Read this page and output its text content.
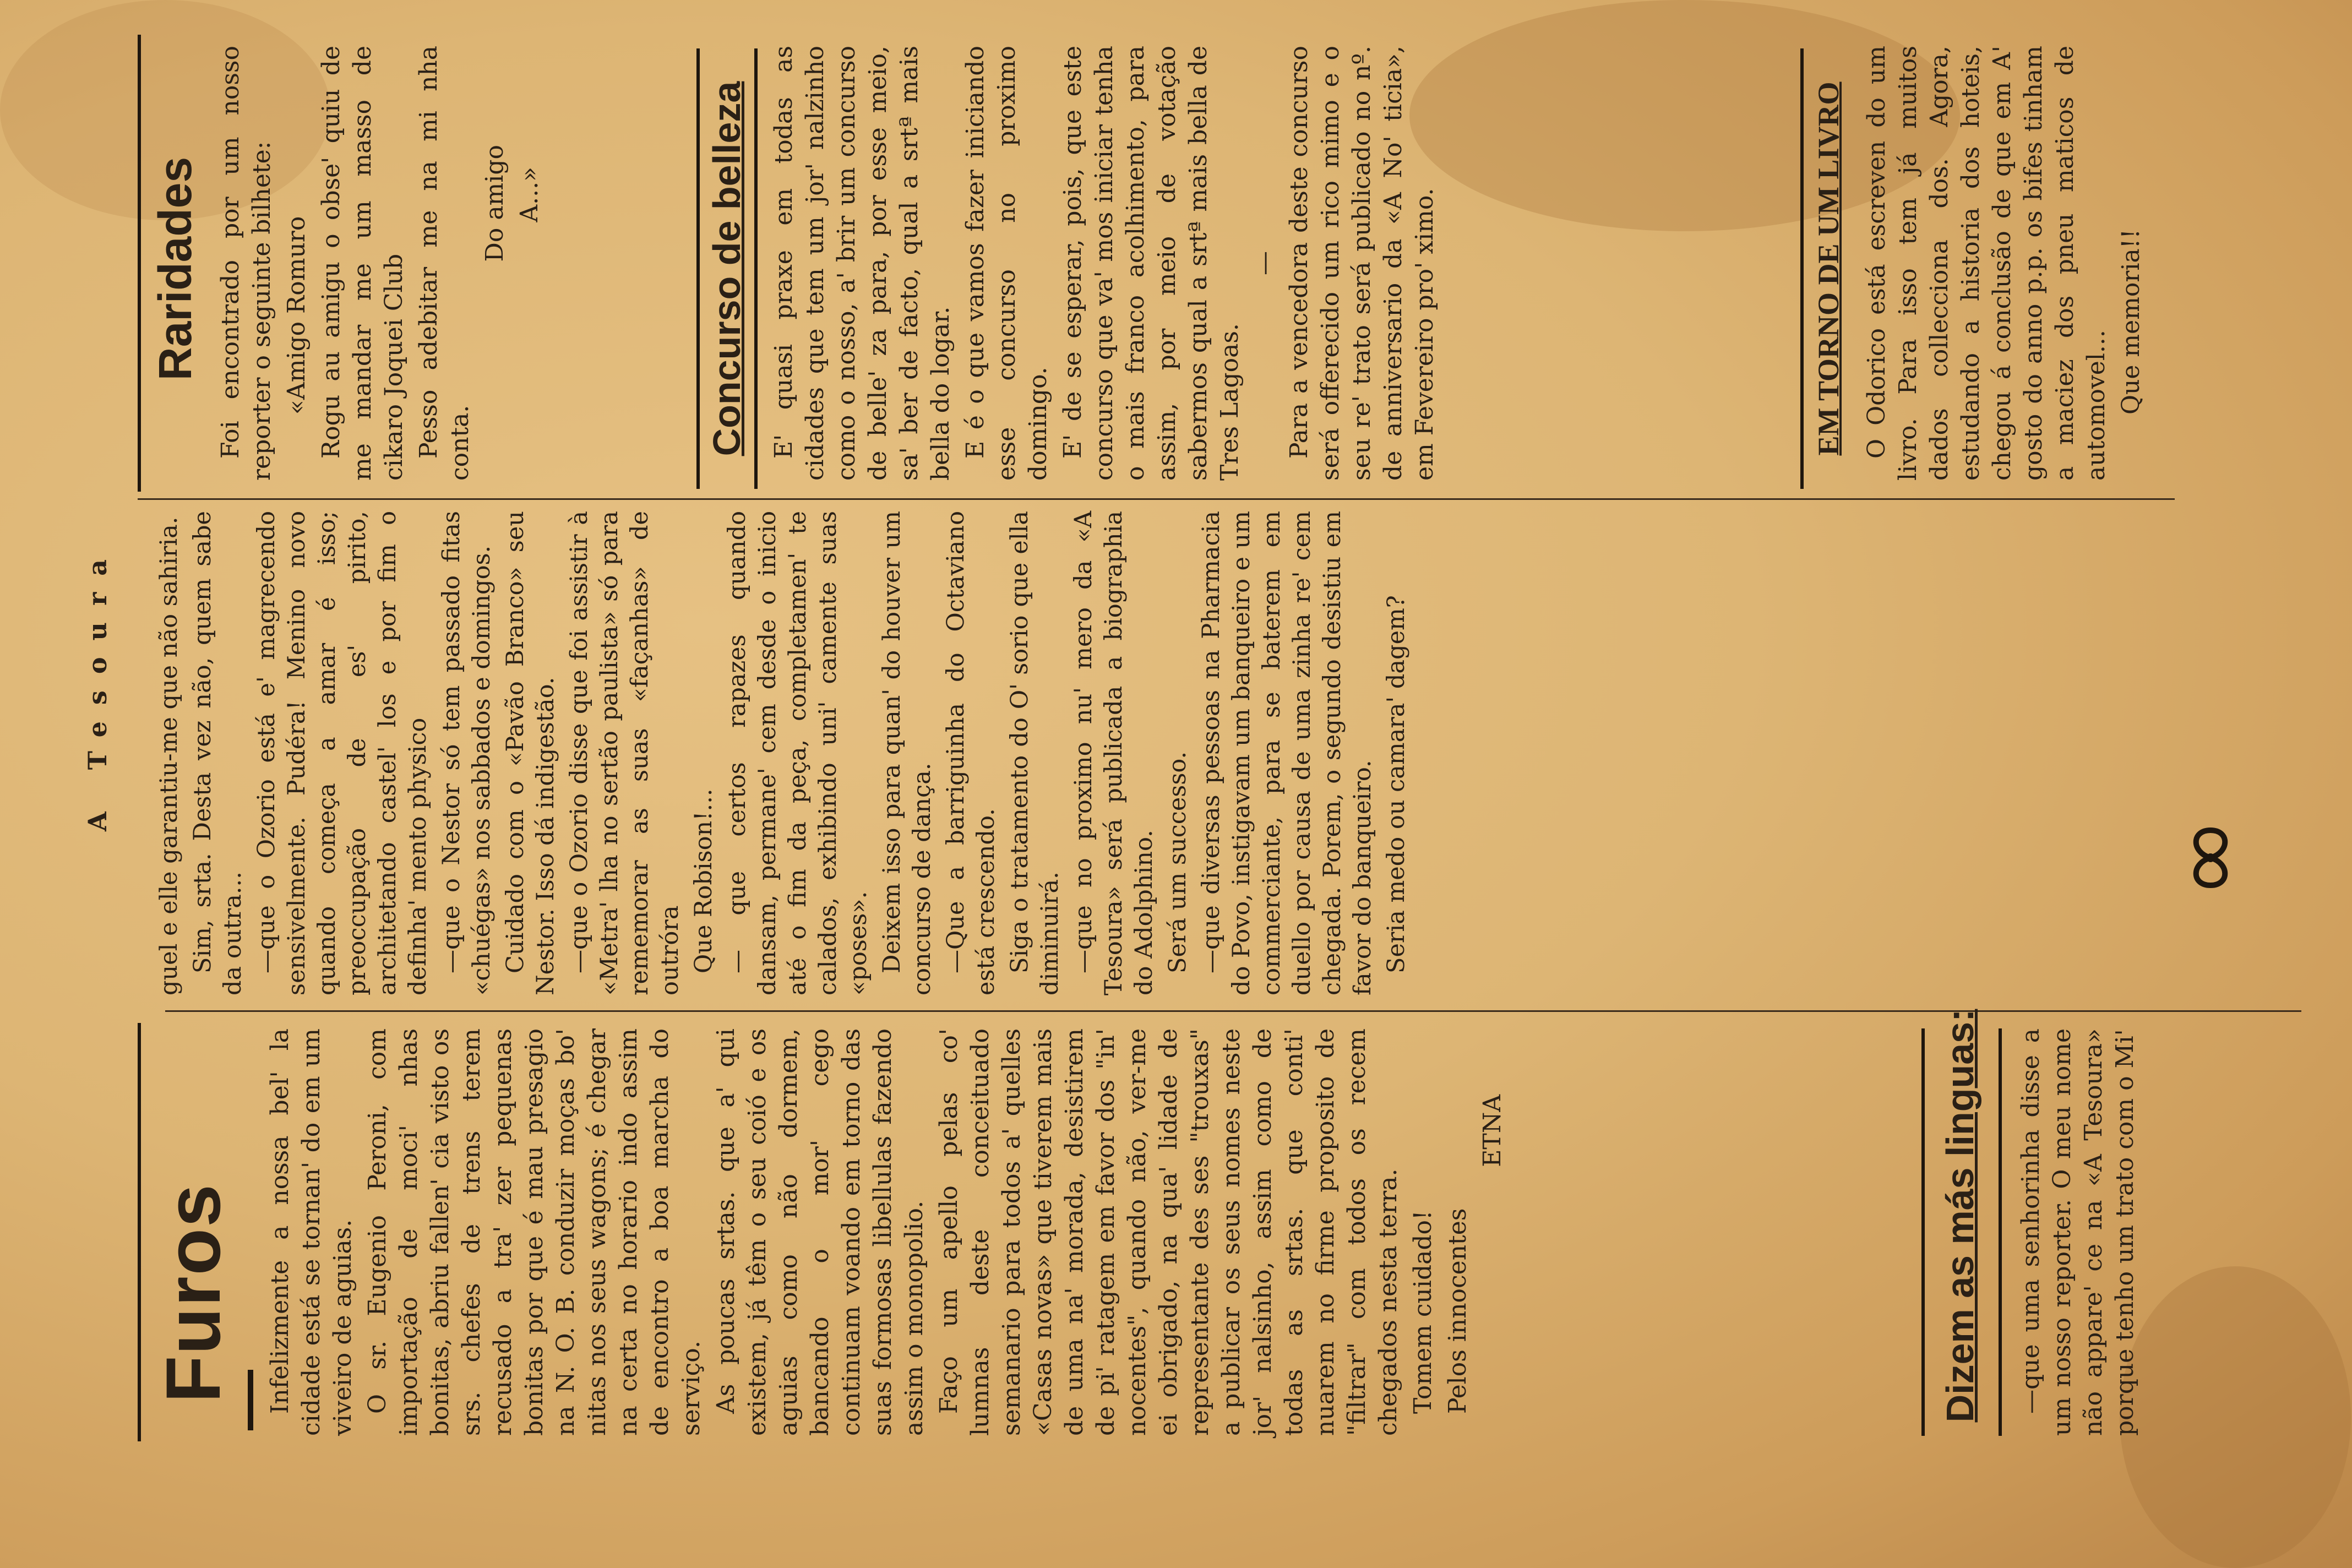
A Tesoura
Furos Infelizmente a nossa bel' la cidade está se tornan' do em um viveiro de aguias. O sr. Eugenio Peroni, com importação de moci' nhas bonitas, abriu fallen' cia visto os srs. chefes de trens terem recusado a tra' zer pequenas bonitas por que é mau presagio na N. O. B. conduzir moças bo' nitas nos seus wagons; é chegar na certa no horario indo assim de encontro a boa marcha do serviço. As poucas srtas. que a' qui existem, já têm o seu coió e os aguias como não dormem, bancando o mor' cego continuam voando em torno das suas formosas libellulas fazendo assim o monopolio. Faço um apello pelas co' lumnas deste conceituado semanario para todos a' quelles «Casas novas» que tiverem mais de uma na' morada, desistirem de pi' ratagem em favor dos "in' nocentes", quando não, ver-me ei obrigado, na qua' lidade de representante des ses "trouxas" a publicar os seus nomes neste jor' nalsinho, assim como de todas as srtas. que conti' nuarem no firme proposito de "filtrar" com todos os recem chegados nesta terra. Tomem cuidado! Pelos innocentes

ETNA	Dizem as más linguas: —que uma senhorinha disse a um nosso reporter. O meu nome não appare' ce na «A Tesoura» porque tenho um trato com o Mi'

guel e elle garantiu-me que não sahiria. Sim, srta. Desta vez não, quem sabe da outra... —que o Ozorio está e' magrecendo sensivelmente. Pudéra! Menino novo quando começa a amar é isso; preoccupação de es' pirito, architetando castel' los e por fim o definha' mento physico —que o Nestor só tem passado fitas «chuégas» nos sabbados e domingos. Cuidado com o «Pavão Branco» seu Nestor. Isso dá indigestão. —que o Ozorio disse que foi assistir à «Metra' lha no sertão paulista» só para rememorar as suas «façanhas» de outróra Que Robison!... — que certos rapazes quando dansam, permane' cem desde o inicio até o fim da peça, completamen' te calados, exhibindo uni' camente suas «poses». Deixem isso para quan' do houver um concurso de dança. —Que a barriguinha do Octaviano está crescendo. Siga o tratamento do O' sorio que ella diminuirá. —que no proximo nu' mero da «A Tesoura» será publicada a biographia do Adolphino. Será um successo. —que diversas pessoas na Pharmacia do Povo, instigavam um banqueiro e um commerciante, para se baterem em duello por causa de uma zinha re' cem chegada. Porem, o segundo desistiu em favor do banqueiro. Seria medo ou camara' dagem?

Raridades Foi encontrado por um nosso reporter o seguinte bilhete: «Amigo Romuro Rogu au amigu o obse' quiu de me mandar me um masso de cikaro Joquei Club Pesso adebitar me na mi nha conta.

Do amigo A...»	Concurso de belleza E' quasi praxe em todas as cidades que tem um jor' nalzinho como o nosso, a' brir um concurso de belle' za para, por esse meio, sa' ber de facto, qual a srtª mais bella do logar. E é o que vamos fazer iniciando esse concurso no proximo domingo. E' de se esperar, pois, que este concurso que va' mos iniciar tenha o mais franco acolhimento, para assim, por meio de votação sabermos qual a srtª mais bella de Tres Lagoas.

— Para a vencedora deste concurso será offerecido um rico mimo e o seu re' trato será publicado no nº. de anniversario da «A No' ticia», em Fevereiro pro' ximo.	EM TORNO DE UM LIVRO O Odorico está escreven do um livro. Para isso tem já muitos dados collecciona dos. Agora, estudando a historia dos hoteis, chegou á conclusão de que em A' gosto do anno p.p. os bifes tinham a maciez dos pneu maticos de automovel... Que memoria!!
